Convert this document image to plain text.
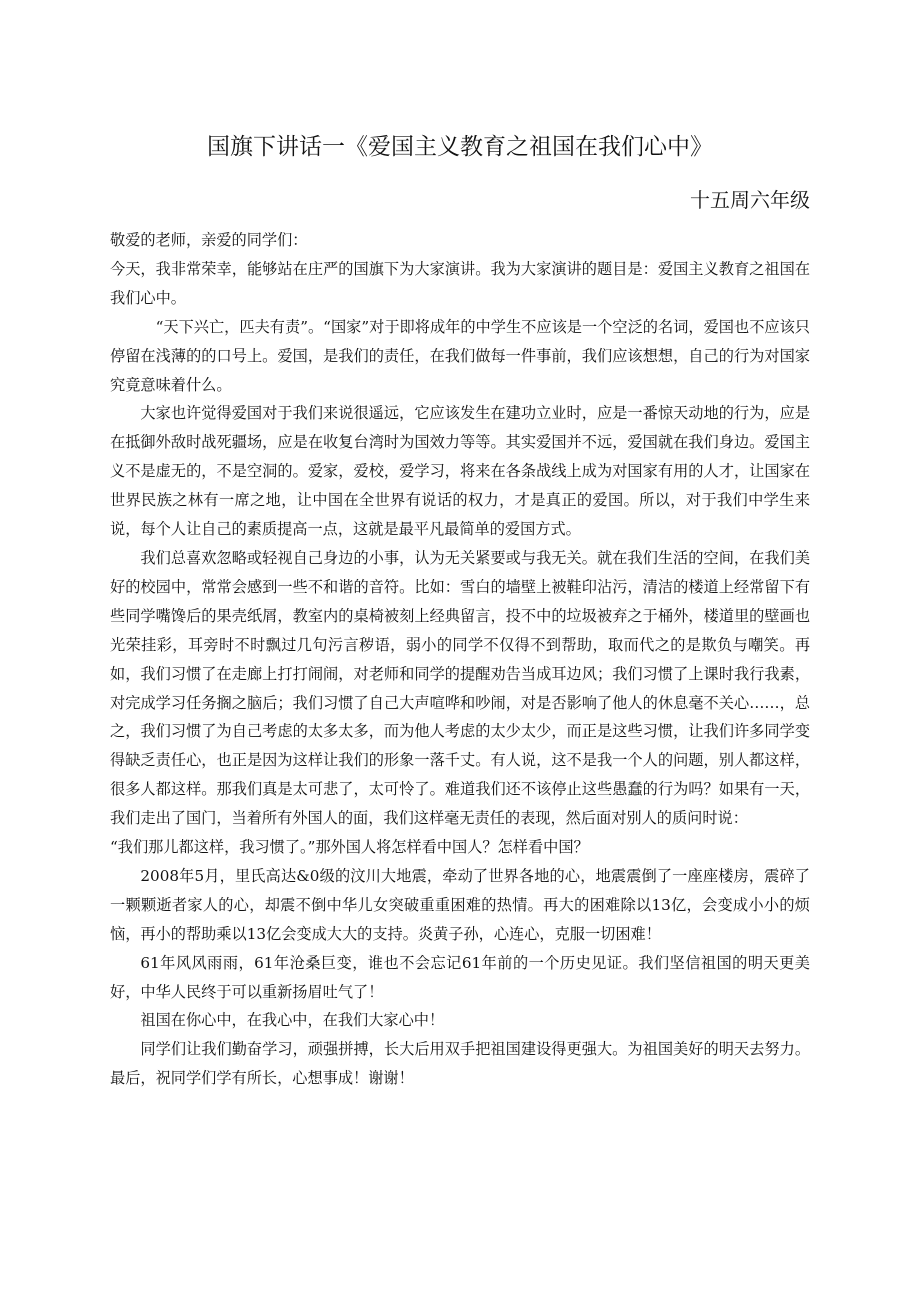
国旗下讲话一《爱国主义教育之祖国在我们心中》

十五周六年级

敬爱的老师，亲爱的同学们：

今天，我非常荣幸，能够站在庄严的国旗下为大家演讲。我为大家演讲的题目是：爱国主义教育之祖国在我们心中。

“天下兴亡，匹夫有责”。“国家”对于即将成年的中学生不应该是一个空泛的名词，爱国也不应该只停留在浅薄的的口号上。爱国，是我们的责任，在我们做每一件事前，我们应该想想，自己的行为对国家究竟意味着什么。

大家也许觉得爱国对于我们来说很遥远，它应该发生在建功立业时，应是一番惊天动地的行为，应是在抵御外敌时战死疆场，应是在收复台湾时为国效力等等。其实爱国并不远，爱国就在我们身边。爱国主义不是虚无的，不是空洞的。爱家，爱校，爱学习，将来在各条战线上成为对国家有用的人才，让国家在世界民族之林有一席之地，让中国在全世界有说话的权力，才是真正的爱国。所以，对于我们中学生来说，每个人让自己的素质提高一点，这就是最平凡最简单的爱国方式。

我们总喜欢忽略或轻视自己身边的小事，认为无关紧要或与我无关。就在我们生活的空间，在我们美好的校园中，常常会感到一些不和谐的音符。比如：雪白的墙壁上被鞋印沾污，清洁的楼道上经常留下有些同学嘴馋后的果壳纸屑，教室内的桌椅被刻上经典留言，投不中的垃圾被弃之于桶外，楼道里的壁画也光荣挂彩，耳旁时不时飘过几句污言秽语，弱小的同学不仅得不到帮助，取而代之的是欺负与嘲笑。再如，我们习惯了在走廊上打打闹闹，对老师和同学的提醒劝告当成耳边风；我们习惯了上课时我行我素，对完成学习任务搁之脑后；我们习惯了自己大声喧哗和吵闹，对是否影响了他人的休息毫不关心……，总之，我们习惯了为自己考虑的太多太多，而为他人考虑的太少太少，而正是这些习惯，让我们许多同学变得缺乏责任心，也正是因为这样让我们的形象一落千丈。有人说，这不是我一个人的问题，别人都这样，很多人都这样。那我们真是太可悲了，太可怜了。难道我们还不该停止这些愚蠢的行为吗？如果有一天，我们走出了国门，当着所有外国人的面，我们这样毫无责任的表现，然后面对别人的质问时说：

“我们那儿都这样，我习惯了。”那外国人将怎样看中国人？怎样看中国？

2008年5月，里氏高达&0级的汶川大地震，牵动了世界各地的心，地震震倒了一座座楼房，震碎了一颗颗逝者家人的心，却震不倒中华儿女突破重重困难的热情。再大的困难除以13亿，会变成小小的烦恼，再小的帮助乘以13亿会变成大大的支持。炎黄子孙，心连心，克服一切困难！

61年风风雨雨，61年沧桑巨变，谁也不会忘记61年前的一个历史见证。我们坚信祖国的明天更美好，中华人民终于可以重新扬眉吐气了！

祖国在你心中，在我心中，在我们大家心中！

同学们让我们勤奋学习，顽强拼搏，长大后用双手把祖国建设得更强大。为祖国美好的明天去努力。最后，祝同学们学有所长，心想事成！谢谢！
